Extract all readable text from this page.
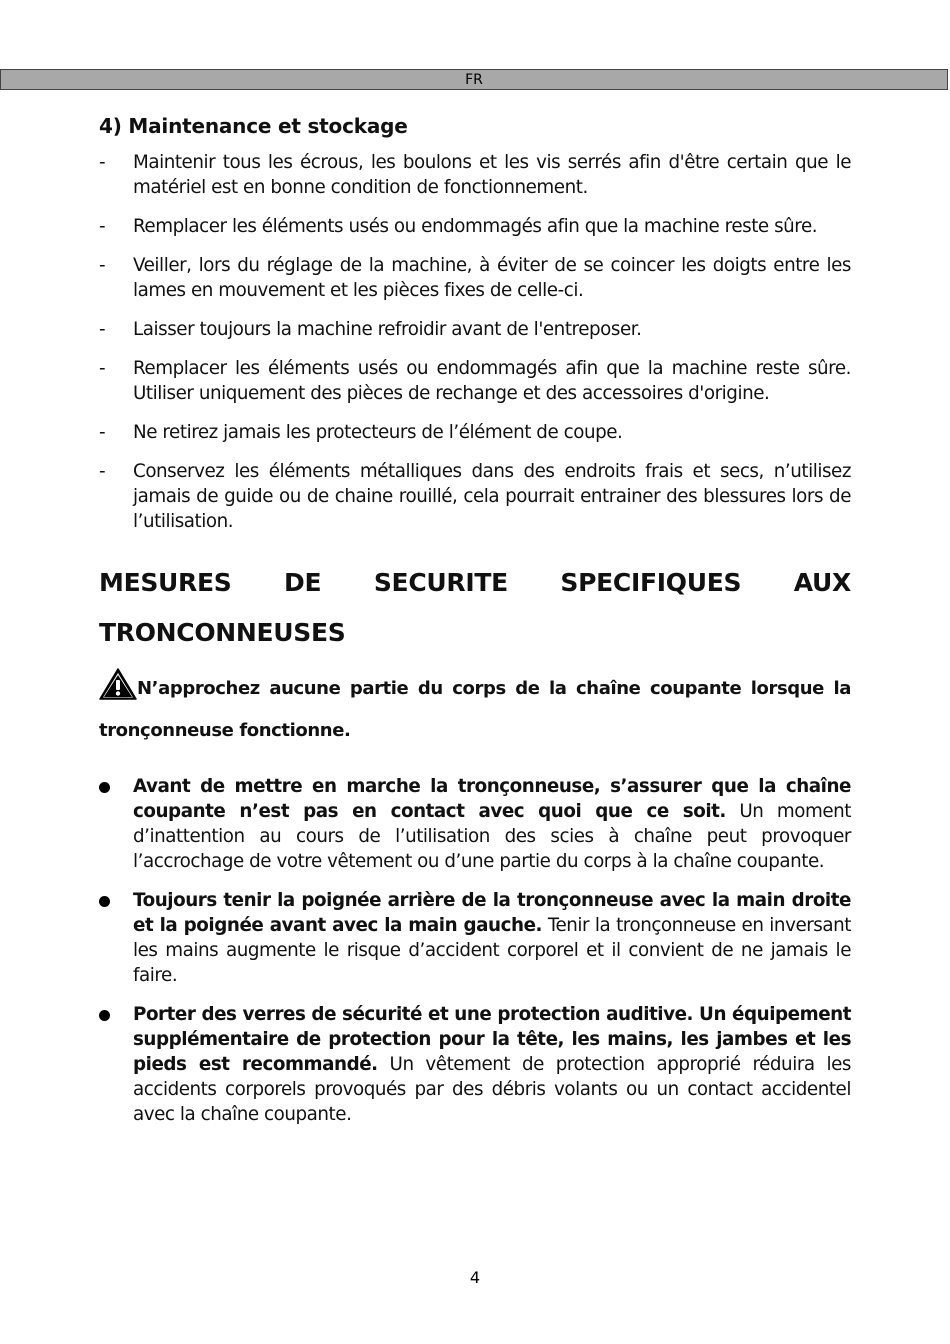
FR
4) Maintenance et stockage
- Maintenir tous les écrous, les boulons et les vis serrés afin d'être certain que le matériel est en bonne condition de fonctionnement.
- Remplacer les éléments usés ou endommagés afin que la machine reste sûre.
- Veiller, lors du réglage de la machine, à éviter de se coincer les doigts entre les lames en mouvement et les pièces fixes de celle-ci.
- Laisser toujours la machine refroidir avant de l'entreposer.
- Remplacer les éléments usés ou endommagés afin que la machine reste sûre. Utiliser uniquement des pièces de rechange et des accessoires d'origine.
- Ne retirez jamais les protecteurs de l’élément de coupe.
- Conservez les éléments métalliques dans des endroits frais et secs, n’utilisez jamais de guide ou de chaine rouillé, cela pourrait entrainer des blessures lors de l’utilisation.
MESURES DE SECURITE SPECIFIQUES AUX TRONCONNEUSES
N’approchez aucune partie du corps de la chaîne coupante lorsque la tronçonneuse fonctionne.
Avant de mettre en marche la tronçonneuse, s’assurer que la chaîne coupante n’est pas en contact avec quoi que ce soit. Un moment d’inattention au cours de l’utilisation des scies à chaîne peut provoquer l’accrochage de votre vêtement ou d’une partie du corps à la chaîne coupante.
Toujours tenir la poignée arrière de la tronçonneuse avec la main droite et la poignée avant avec la main gauche. Tenir la tronçonneuse en inversant les mains augmente le risque d’accident corporel et il convient de ne jamais le faire.
Porter des verres de sécurité et une protection auditive. Un équipement supplémentaire de protection pour la tête, les mains, les jambes et les pieds est recommandé. Un vêtement de protection approprié réduira les accidents corporels provoqués par des débris volants ou un contact accidentel avec la chaîne coupante.
4
